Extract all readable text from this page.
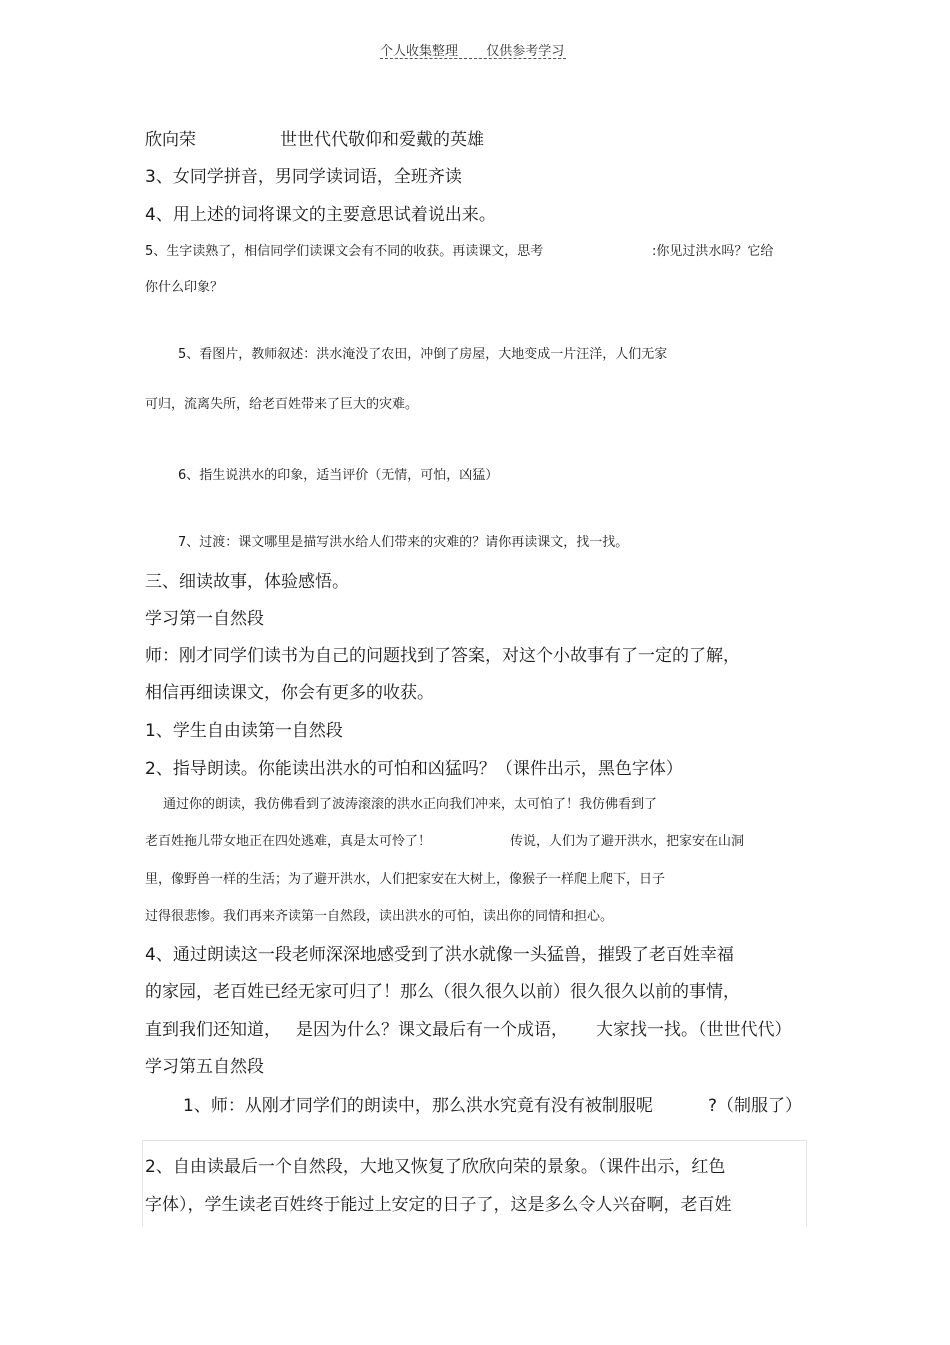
个人收集整理 仅供参考学习
欣向荣	世世代代敬仰和爱戴的英雄
3、女同学拼音，男同学读词语，全班齐读
4、用上述的词将课文的主要意思试着说出来。
5、生字读熟了，相信同学们读课文会有不同的收获。再读课文，思考	:你见过洪水吗？它给
你什么印象？
5、看图片，教师叙述：洪水淹没了农田，冲倒了房屋，大地变成一片汪洋，人们无家
可归，流离失所，给老百姓带来了巨大的灾难。
6、指生说洪水的印象，适当评价（无情，可怕，凶猛）
7、过渡：课文哪里是描写洪水给人们带来的灾难的？请你再读课文，找一找。
三、细读故事，体验感悟。
学习第一自然段
师：刚才同学们读书为自己的问题找到了答案，对这个小故事有了一定的了解，
相信再细读课文，你会有更多的收获。
1、学生自由读第一自然段
2、指导朗读。你能读出洪水的可怕和凶猛吗？（课件出示，黑色字体）
通过你的朗读，我仿佛看到了波涛滚滚的洪水正向我们冲来，太可怕了！我仿佛看到了
老百姓拖儿带女地正在四处逃难，真是太可怜了！	传说，人们为了避开洪水，把家安在山洞
里，像野兽一样的生活；为了避开洪水，人们把家安在大树上，像猴子一样爬上爬下，日子
过得很悲惨。我们再来齐读第一自然段，读出洪水的可怕，读出你的同情和担心。
4、通过朗读这一段老师深深地感受到了洪水就像一头猛兽，摧毁了老百姓幸福
的家园，老百姓已经无家可归了！那么（很久很久以前）很久很久以前的事情，
直到我们还知道， 是因为什么？课文最后有一个成语， 大家找一找。（世世代代）
学习第五自然段
1、师：从刚才同学们的朗读中，那么洪水究竟有没有被制服呢	?（制服了）
2、自由读最后一个自然段，大地又恢复了欣欣向荣的景象。（课件出示，红色
字体），学生读老百姓终于能过上安定的日子了，这是多么令人兴奋啊，老百姓
